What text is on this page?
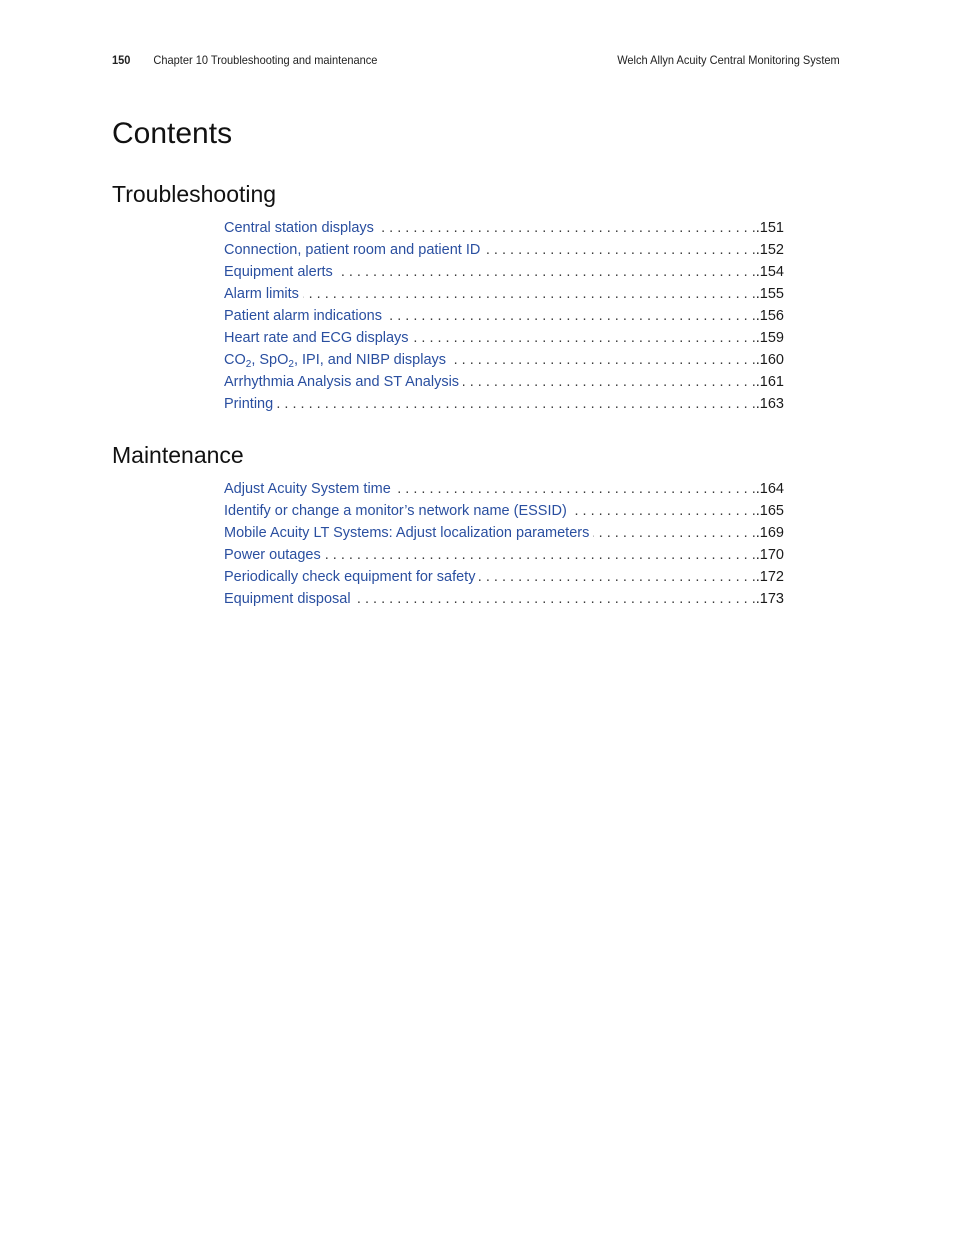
150 Chapter 10 Troubleshooting and maintenance	Welch Allyn Acuity Central Monitoring System
Contents
Troubleshooting
Central station displays . . .	.151
Connection, patient room and patient ID . . .	.152
Equipment alerts . . .	.154
Alarm limits . . .	.155
Patient alarm indications . . .	.156
Heart rate and ECG displays . . .	.159
$CO_2$, SpO$_2$, IPI, and NIBP displays . . .	.160
Arrhythmia Analysis and ST Analysis . . .	.161
Printing . . .	.163
Maintenance
Adjust Acuity System time . . .	.164
Identify or change a monitor’s network name (ESSID) . . .	.165
Mobile Acuity LT Systems: Adjust localization parameters . . .	.169
Power outages . . .	.170
Periodically check equipment for safety . . .	.172
Equipment disposal . . .	.173
